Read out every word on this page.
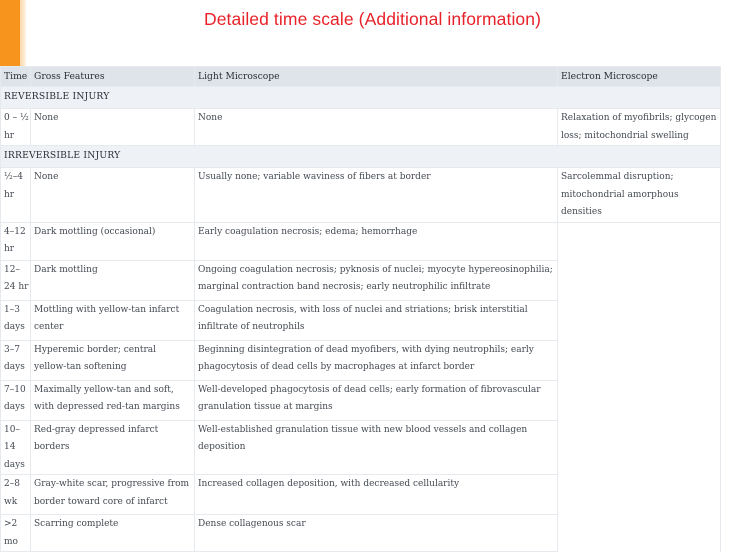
Detailed time scale (Additional information)
Time	Gross Features	Light Microscope	Electron Microscope
REVERSIBLE INJURY			
0 – ½ hr	None	None	Relaxation of myofibrils; glycogen loss; mitochondrial swelling
IRREVERSIBLE INJURY			
½–4 hr	None	Usually none; variable waviness of fibers at border	Sarcolemmal disruption; mitochondrial amorphous densities
4–12 hr	Dark mottling (occasional)	Early coagulation necrosis; edema; hemorrhage	
12–24 hr	Dark mottling	Ongoing coagulation necrosis; pyknosis of nuclei; myocyte hypereosinophilia; marginal contraction band necrosis; early neutrophilic infiltrate	
1–3 days	Mottling with yellow-tan infarct center	Coagulation necrosis, with loss of nuclei and striations; brisk interstitial infiltrate of neutrophils	
3–7 days	Hyperemic border; central yellow-tan softening	Beginning disintegration of dead myofibers, with dying neutrophils; early phagocytosis of dead cells by macrophages at infarct border	
7–10 days	Maximally yellow-tan and soft, with depressed red-tan margins	Well-developed phagocytosis of dead cells; early formation of fibrovascular granulation tissue at margins	
10–14 days	Red-gray depressed infarct borders	Well-established granulation tissue with new blood vessels and collagen deposition	
2–8 wk	Gray-white scar, progressive from border toward core of infarct	Increased collagen deposition, with decreased cellularity	
>2 mo	Scarring complete	Dense collagenous scar	
